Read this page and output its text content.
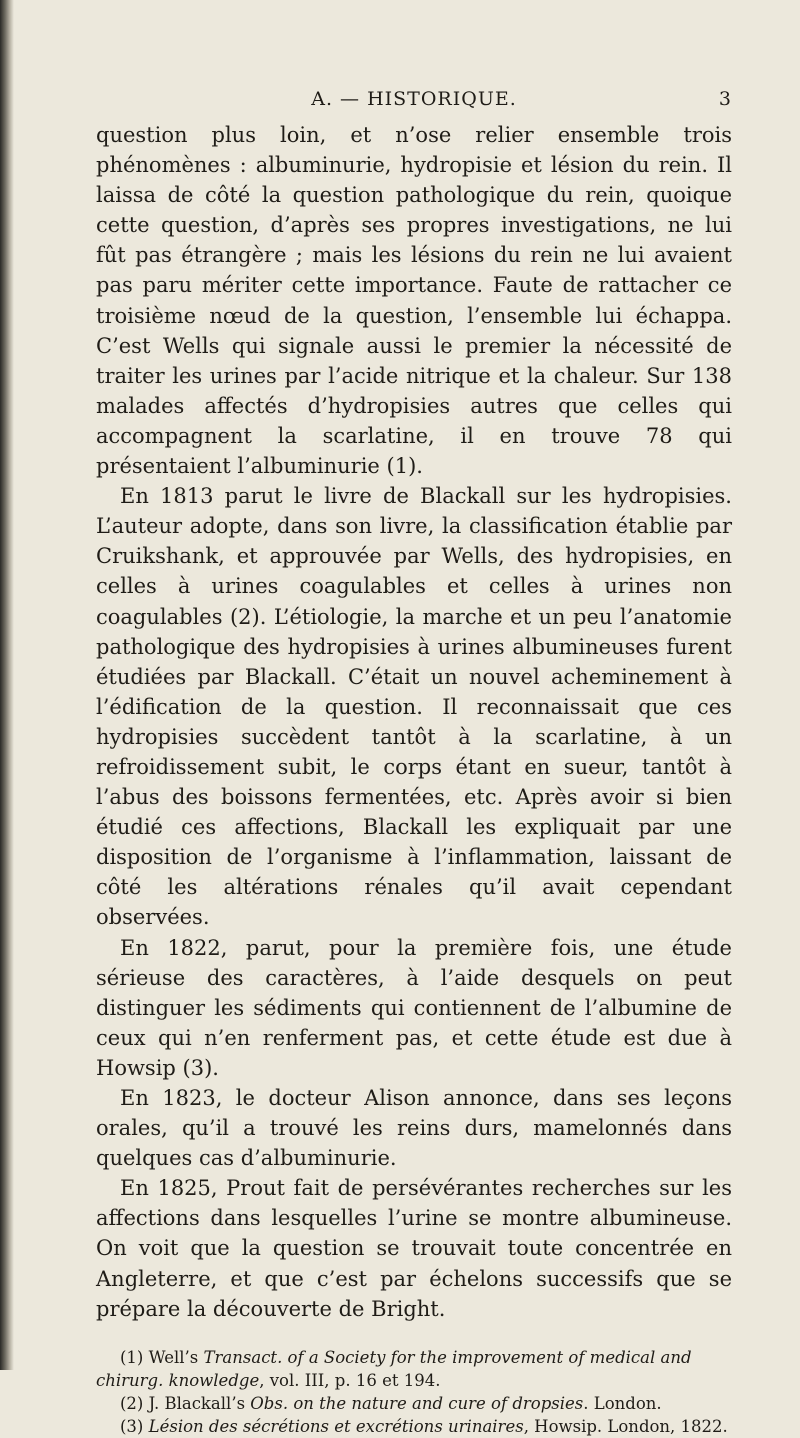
A. — HISTORIQUE.	3

question plus loin, et n’ose relier ensemble trois phénomènes : albuminurie, hydropisie et lésion du rein. Il laissa de côté la question pathologique du rein, quoique cette question, d’après ses propres investigations, ne lui fût pas étrangère ; mais les lésions du rein ne lui avaient pas paru mériter cette importance. Faute de rattacher ce troisième nœud de la question, l’ensemble lui échappa. C’est Wells qui signale aussi le premier la nécessité de traiter les urines par l’acide nitrique et la chaleur. Sur 138 malades affectés d’hydropisies autres que celles qui accompagnent la scarlatine, il en trouve 78 qui présentaient l’albuminurie (1).

En 1813 parut le livre de Blackall sur les hydropisies. L’auteur adopte, dans son livre, la classification établie par Cruikshank, et approuvée par Wells, des hydropisies, en celles à urines coagulables et celles à urines non coagulables (2). L’étiologie, la marche et un peu l’anatomie pathologique des hydropisies à urines albumineuses furent étudiées par Blackall. C’était un nouvel acheminement à l’édification de la question. Il reconnaissait que ces hydropisies succèdent tantôt à la scarlatine, à un refroidissement subit, le corps étant en sueur, tantôt à l’abus des boissons fermentées, etc. Après avoir si bien étudié ces affections, Blackall les expliquait par une disposition de l’organisme à l’inflammation, laissant de côté les altérations rénales qu’il avait cependant observées.

En 1822, parut, pour la première fois, une étude sérieuse des caractères, à l’aide desquels on peut distinguer les sédiments qui contiennent de l’albumine de ceux qui n’en renferment pas, et cette étude est due à Howsip (3).

En 1823, le docteur Alison annonce, dans ses leçons orales, qu’il a trouvé les reins durs, mamelonnés dans quelques cas d’albuminurie.

En 1825, Prout fait de persévérantes recherches sur les affections dans lesquelles l’urine se montre albumineuse. On voit que la question se trouvait toute concentrée en Angleterre, et que c’est par échelons successifs que se prépare la découverte de Bright.

(1) Well’s Transact. of a Society for the improvement of medical and chirurg. knowledge, vol. III, p. 16 et 194.
(2) J. Blackall’s Obs. on the nature and cure of dropsies. London.
(3) Lésion des sécrétions et excrétions urinaires, Howsip. London, 1822.
